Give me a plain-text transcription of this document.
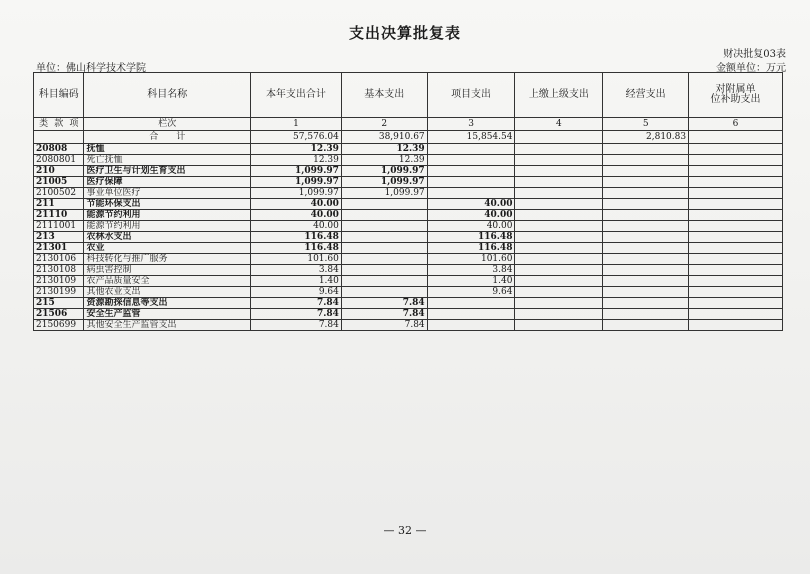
支出决算批复表
单位：佛山科学技术学院
财决批复03表
金额单位：万元
科目编码	科目名称	本年支出合计	基本支出	项目支出	上缴上级支出	经营支出	对附属单
位补助支出

类 款 项	栏次	1	2	3	4	5	6
	合　　计	57,576.04	38,910.67	15,854.54		2,810.83	
20808	抚恤	12.39	12.39				
2080801	死亡抚恤	12.39	12.39				
210	医疗卫生与计划生育支出	1,099.97	1,099.97				
21005	医疗保障	1,099.97	1,099.97				
2100502	事业单位医疗	1,099.97	1,099.97				
211	节能环保支出	40.00		40.00			
21110	能源节约利用	40.00		40.00			
2111001	能源节约利用	40.00		40.00			
213	农林水支出	116.48		116.48			
21301	农业	116.48		116.48			
2130106	科技转化与推广服务	101.60		101.60			
2130108	病虫害控制	3.84		3.84			
2130109	农产品质量安全	1.40		1.40			
2130199	其他农业支出	9.64		9.64			
215	资源勘探信息等支出	7.84	7.84				
21506	安全生产监管	7.84	7.84				
2150699	其他安全生产监管支出	7.84	7.84				
— 32 —
